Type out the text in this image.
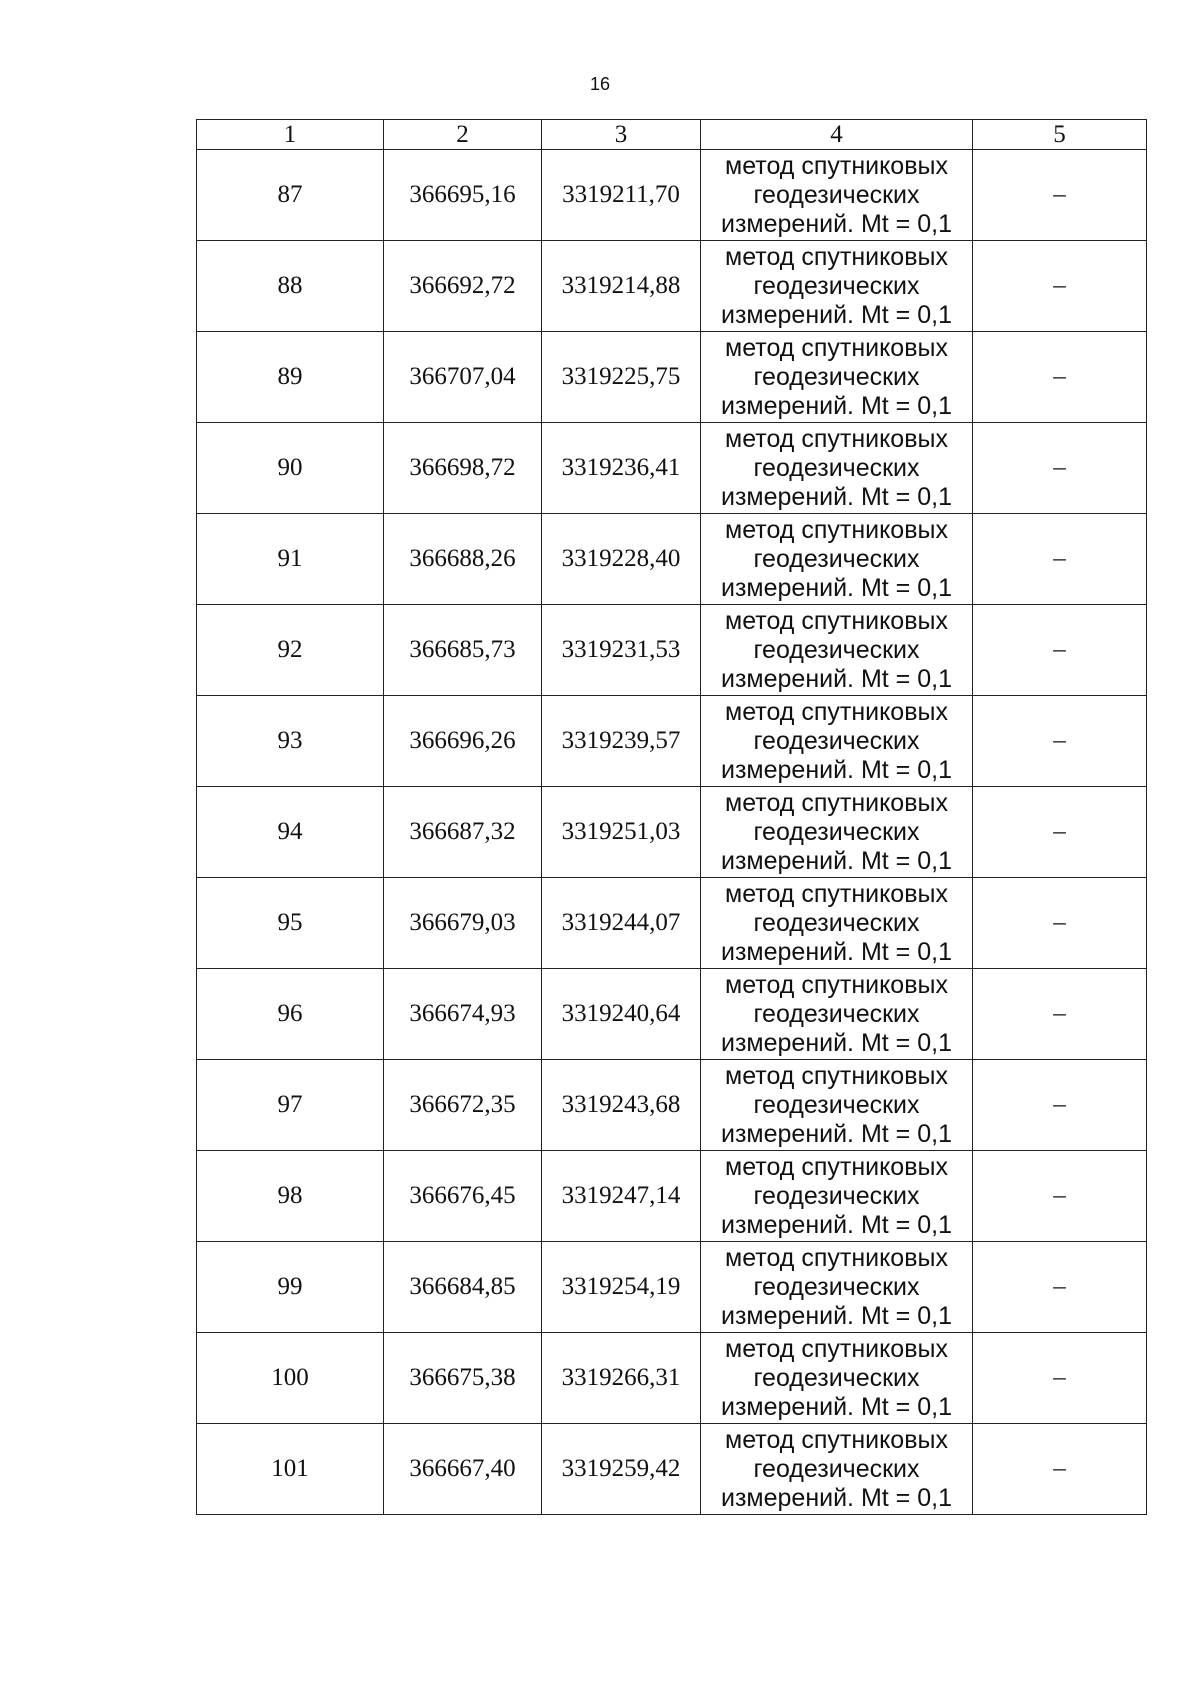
16
1	2	3	4	5
87	366695,16	3319211,70	метод спутниковых
геодезических
измерений. Mt = 0,1	–
88	366692,72	3319214,88	метод спутниковых
геодезических
измерений. Mt = 0,1	–
89	366707,04	3319225,75	метод спутниковых
геодезических
измерений. Mt = 0,1	–
90	366698,72	3319236,41	метод спутниковых
геодезических
измерений. Mt = 0,1	–
91	366688,26	3319228,40	метод спутниковых
геодезических
измерений. Mt = 0,1	–
92	366685,73	3319231,53	метод спутниковых
геодезических
измерений. Mt = 0,1	–
93	366696,26	3319239,57	метод спутниковых
геодезических
измерений. Mt = 0,1	–
94	366687,32	3319251,03	метод спутниковых
геодезических
измерений. Mt = 0,1	–
95	366679,03	3319244,07	метод спутниковых
геодезических
измерений. Mt = 0,1	–
96	366674,93	3319240,64	метод спутниковых
геодезических
измерений. Mt = 0,1	–
97	366672,35	3319243,68	метод спутниковых
геодезических
измерений. Mt = 0,1	–
98	366676,45	3319247,14	метод спутниковых
геодезических
измерений. Mt = 0,1	–
99	366684,85	3319254,19	метод спутниковых
геодезических
измерений. Mt = 0,1	–
100	366675,38	3319266,31	метод спутниковых
геодезических
измерений. Mt = 0,1	–
101	366667,40	3319259,42	метод спутниковых
геодезических
измерений. Mt = 0,1	–
